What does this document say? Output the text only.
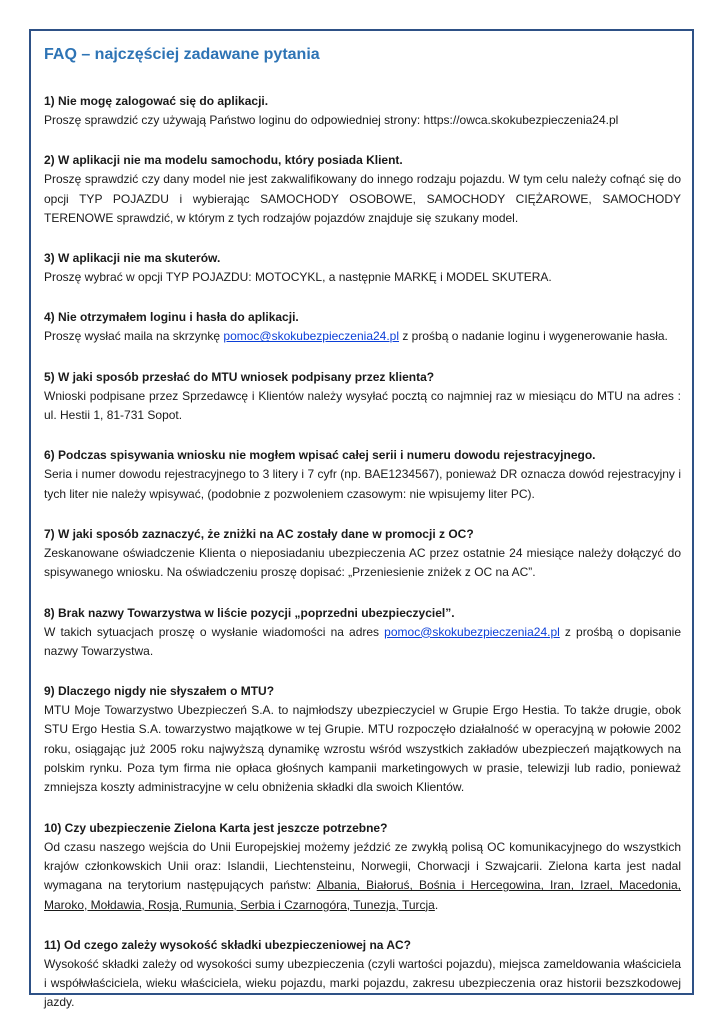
FAQ – najczęściej zadawane pytania

1) Nie mogę zalogować się do aplikacji.

Proszę sprawdzić czy używają Państwo loginu do odpowiedniej strony: https://owca.skokubezpieczenia24.pl

2) W aplikacji nie ma modelu samochodu, który posiada Klient.

Proszę sprawdzić czy dany model nie jest zakwalifikowany do innego rodzaju pojazdu. W tym celu należy cofnąć się do opcji TYP POJAZDU i wybierając SAMOCHODY OSOBOWE, SAMOCHODY CIĘŻAROWE, SAMOCHODY TERENOWE sprawdzić, w którym z tych rodzajów pojazdów znajduje się szukany model.

3) W aplikacji nie ma skuterów.

Proszę wybrać w opcji TYP POJAZDU: MOTOCYKL, a następnie MARKĘ i MODEL SKUTERA.

4) Nie otrzymałem loginu i hasła do aplikacji.

Proszę wysłać maila na skrzynkę pomoc@skokubezpieczenia24.pl z prośbą o nadanie loginu i wygenerowanie hasła.

5) W jaki sposób przesłać do MTU wniosek podpisany przez klienta?

Wnioski podpisane przez Sprzedawcę i Klientów należy wysyłać pocztą co najmniej raz w miesiącu do MTU na adres : ul. Hestii 1, 81-731 Sopot.

6) Podczas spisywania wniosku nie mogłem wpisać całej serii i numeru dowodu rejestracyjnego.

Seria i numer dowodu rejestracyjnego to 3 litery i 7 cyfr (np. BAE1234567), ponieważ DR oznacza dowód rejestracyjny i tych liter nie należy wpisywać, (podobnie z pozwoleniem czasowym: nie wpisujemy liter PC).

7) W jaki sposób zaznaczyć, że zniżki na AC zostały dane w promocji z OC?

Zeskanowane oświadczenie Klienta o nieposiadaniu ubezpieczenia AC przez ostatnie 24 miesiące należy dołączyć do spisywanego wniosku. Na oświadczeniu proszę dopisać: „Przeniesienie zniżek z OC na AC”.

8) Brak nazwy Towarzystwa w liście pozycji „poprzedni ubezpieczyciel”.

W takich sytuacjach proszę o wysłanie wiadomości na adres pomoc@skokubezpieczenia24.pl z prośbą o dopisanie nazwy Towarzystwa.

9) Dlaczego nigdy nie słyszałem o MTU?

MTU Moje Towarzystwo Ubezpieczeń S.A. to najmłodszy ubezpieczyciel w Grupie Ergo Hestia. To także drugie, obok STU Ergo Hestia S.A. towarzystwo majątkowe w tej Grupie. MTU rozpoczęło działalność w operacyjną w połowie 2002 roku, osiągając już 2005 roku najwyższą dynamikę wzrostu wśród wszystkich zakładów ubezpieczeń majątkowych na polskim rynku. Poza tym firma nie opłaca głośnych kampanii marketingowych w prasie, telewizji lub radio, ponieważ zmniejsza koszty administracyjne w celu obniżenia składki dla swoich Klientów.

10) Czy ubezpieczenie Zielona Karta jest jeszcze potrzebne?

Od czasu naszego wejścia do Unii Europejskiej możemy jeździć ze zwykłą polisą OC komunikacyjnego do wszystkich krajów członkowskich Unii oraz: Islandii, Liechtensteinu, Norwegii, Chorwacji i Szwajcarii. Zielona karta jest nadal wymagana na terytorium następujących państw: Albania, Białoruś, Bośnia i Hercegowina, Iran, Izrael, Macedonia, Maroko, Mołdawia, Rosja, Rumunia, Serbia i Czarnogóra, Tunezja, Turcja.

11) Od czego zależy wysokość składki ubezpieczeniowej na AC?

Wysokość składki zależy od wysokości sumy ubezpieczenia (czyli wartości pojazdu), miejsca zameldowania właściciela i współwłaściciela, wieku właściciela, wieku pojazdu, marki pojazdu, zakresu ubezpieczenia oraz historii bezszkodowej jazdy.
